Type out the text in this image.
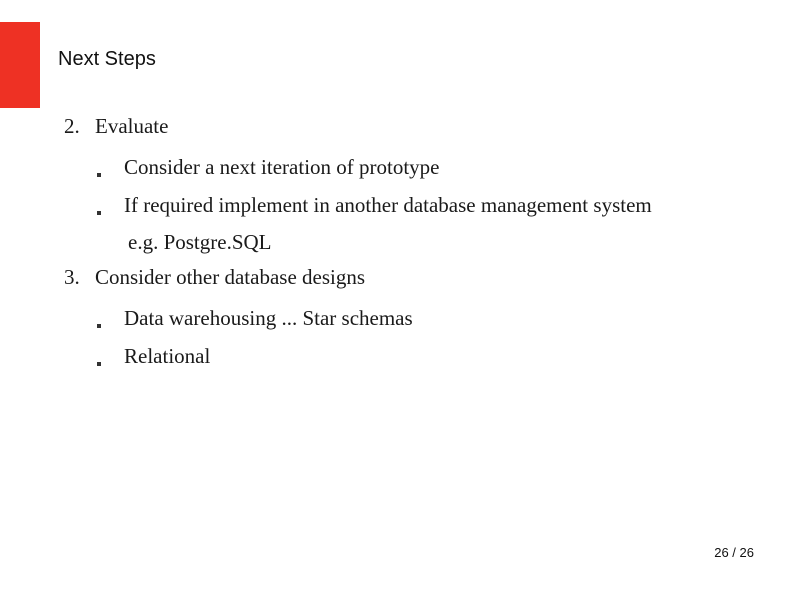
Next Steps
2. Evaluate
Consider a next iteration of prototype
If required implement in another database management system
e.g. Postgre.SQL
3. Consider other database designs
Data warehousing ... Star schemas
Relational
26 / 26
